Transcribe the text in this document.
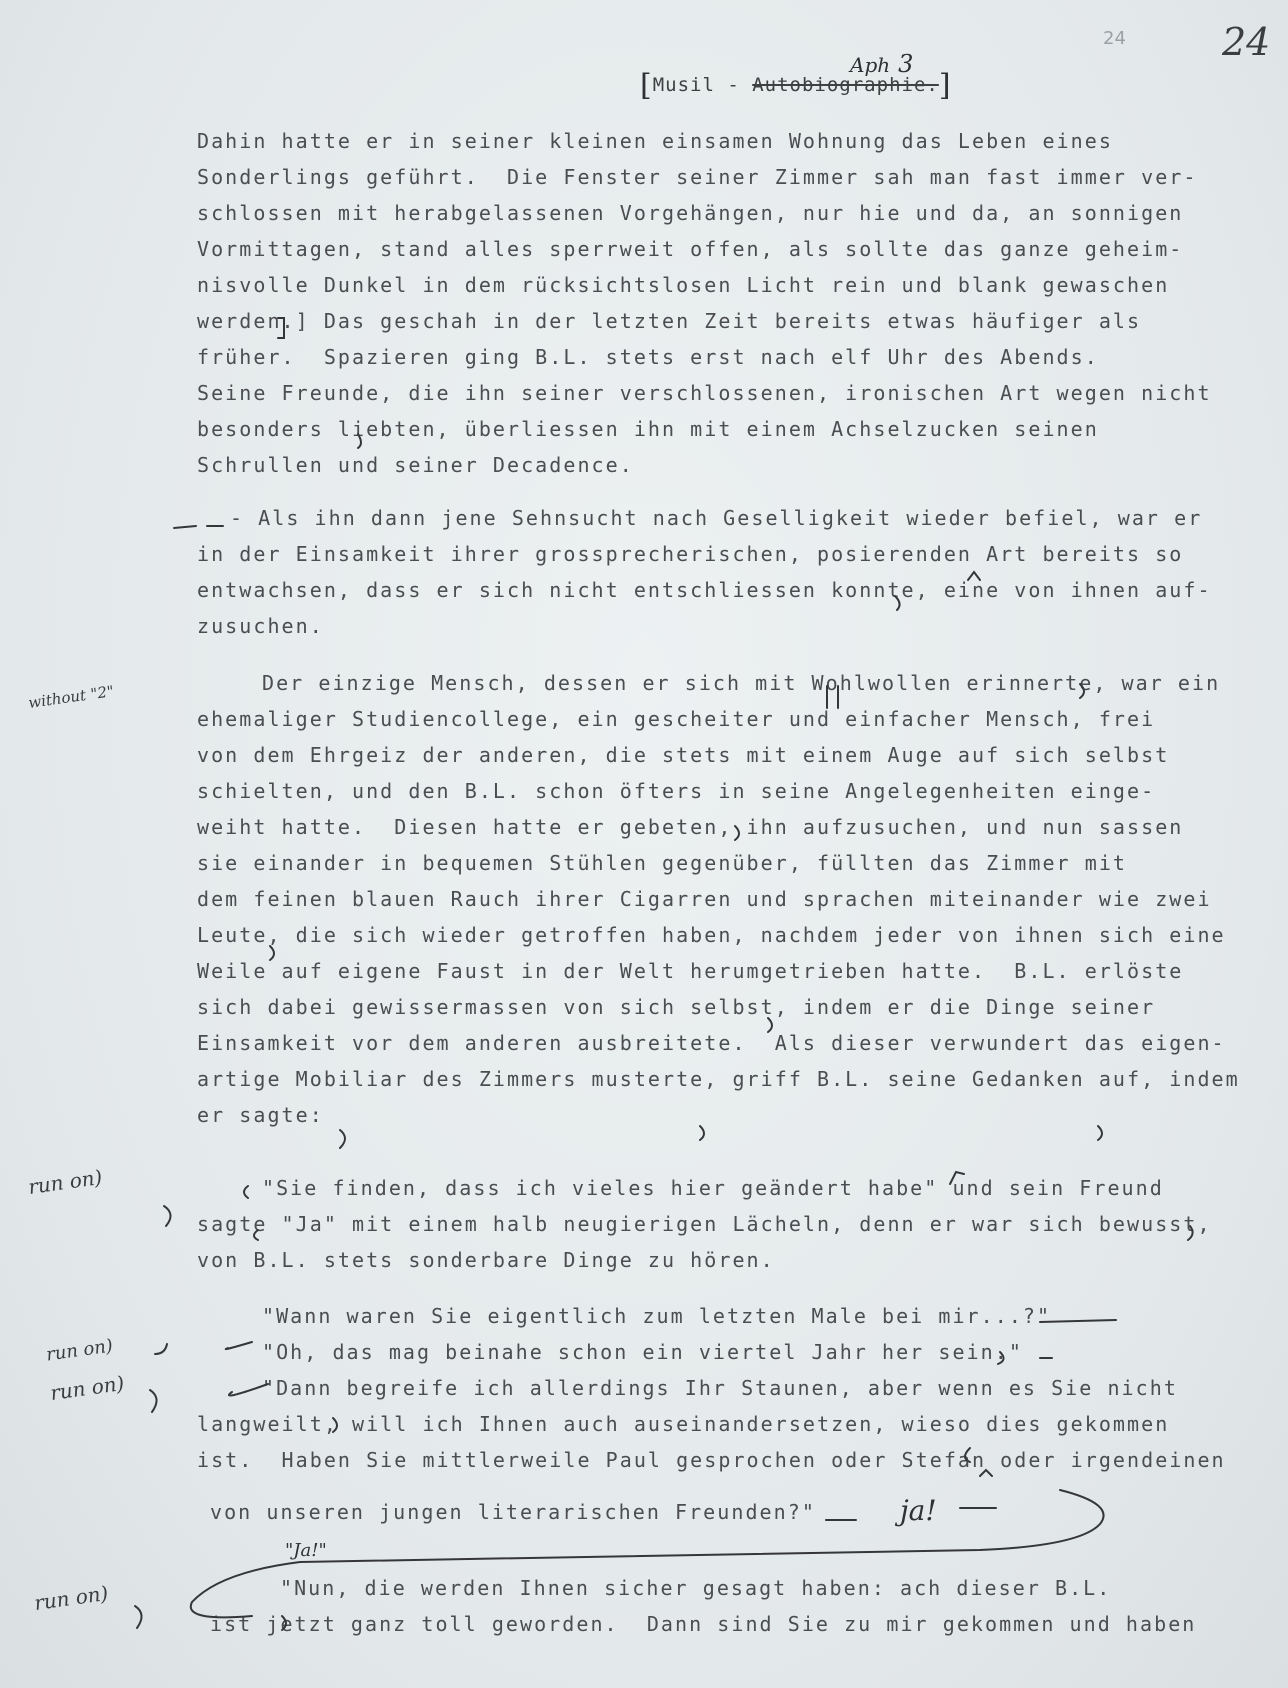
24	24
Aph 3
[Musil - Autobiographie.]
Dahin hatte er in seiner kleinen einsamen Wohnung das Leben eines
Sonderlings geführt.  Die Fenster seiner Zimmer sah man fast immer ver-
schlossen mit herabgelassenen Vorgehängen, nur hie und da, an sonnigen
Vormittagen, stand alles sperrweit offen, als sollte das ganze geheim-
nisvolle Dunkel in dem rücksichtslosen Licht rein und blank gewaschen
werden.] Das geschah in der letzten Zeit bereits etwas häufiger als
früher.  Spazieren ging B.L. stets erst nach elf Uhr des Abends.
Seine Freunde, die ihn seiner verschlossenen, ironischen Art wegen nicht
besonders liebten, überliessen ihn mit einem Achselzucken seinen
Schrullen und seiner Decadence.
- Als ihn dann jene Sehnsucht nach Geselligkeit wieder befiel, war er
in der Einsamkeit ihrer grossprecherischen, posierenden Art bereits so
entwachsen, dass er sich nicht entschliessen konnte, eine von ihnen auf-
zusuchen.
Der einzige Mensch, dessen er sich mit Wohlwollen erinnerte, war ein
ehemaliger Studiencollege, ein gescheiter und einfacher Mensch, frei
von dem Ehrgeiz der anderen, die stets mit einem Auge auf sich selbst
schielten, und den B.L. schon öfters in seine Angelegenheiten einge-
weiht hatte.  Diesen hatte er gebeten, ihn aufzusuchen, und nun sassen
sie einander in bequemen Stühlen gegenüber, füllten das Zimmer mit
dem feinen blauen Rauch ihrer Cigarren und sprachen miteinander wie zwei
Leute, die sich wieder getroffen haben, nachdem jeder von ihnen sich eine
Weile auf eigene Faust in der Welt herumgetrieben hatte.  B.L. erlöste
sich dabei gewissermassen von sich selbst, indem er die Dinge seiner
Einsamkeit vor dem anderen ausbreitete.  Als dieser verwundert das eigen-
artige Mobiliar des Zimmers musterte, griff B.L. seine Gedanken auf, indem
er sagte:
"Sie finden, dass ich vieles hier geändert habe" und sein Freund
sagte "Ja" mit einem halb neugierigen Lächeln, denn er war sich bewusst,
von B.L. stets sonderbare Dinge zu hören.
"Wann waren Sie eigentlich zum letzten Male bei mir...?"
"Oh, das mag beinahe schon ein viertel Jahr her sein."
"Dann begreife ich allerdings Ihr Staunen, aber wenn es Sie nicht
langweilt, will ich Ihnen auch auseinandersetzen, wieso dies gekommen
ist.  Haben Sie mittlerweile Paul gesprochen oder Stefan oder irgendeinen
von unseren jungen literarischen Freunden?"
"Nun, die werden Ihnen sicher gesagt haben: ach dieser B.L.
ist jetzt ganz toll geworden.  Dann sind Sie zu mir gekommen und haben
without "2"
run on)
run on)
run on)
run on)
ja!
"Ja!"
